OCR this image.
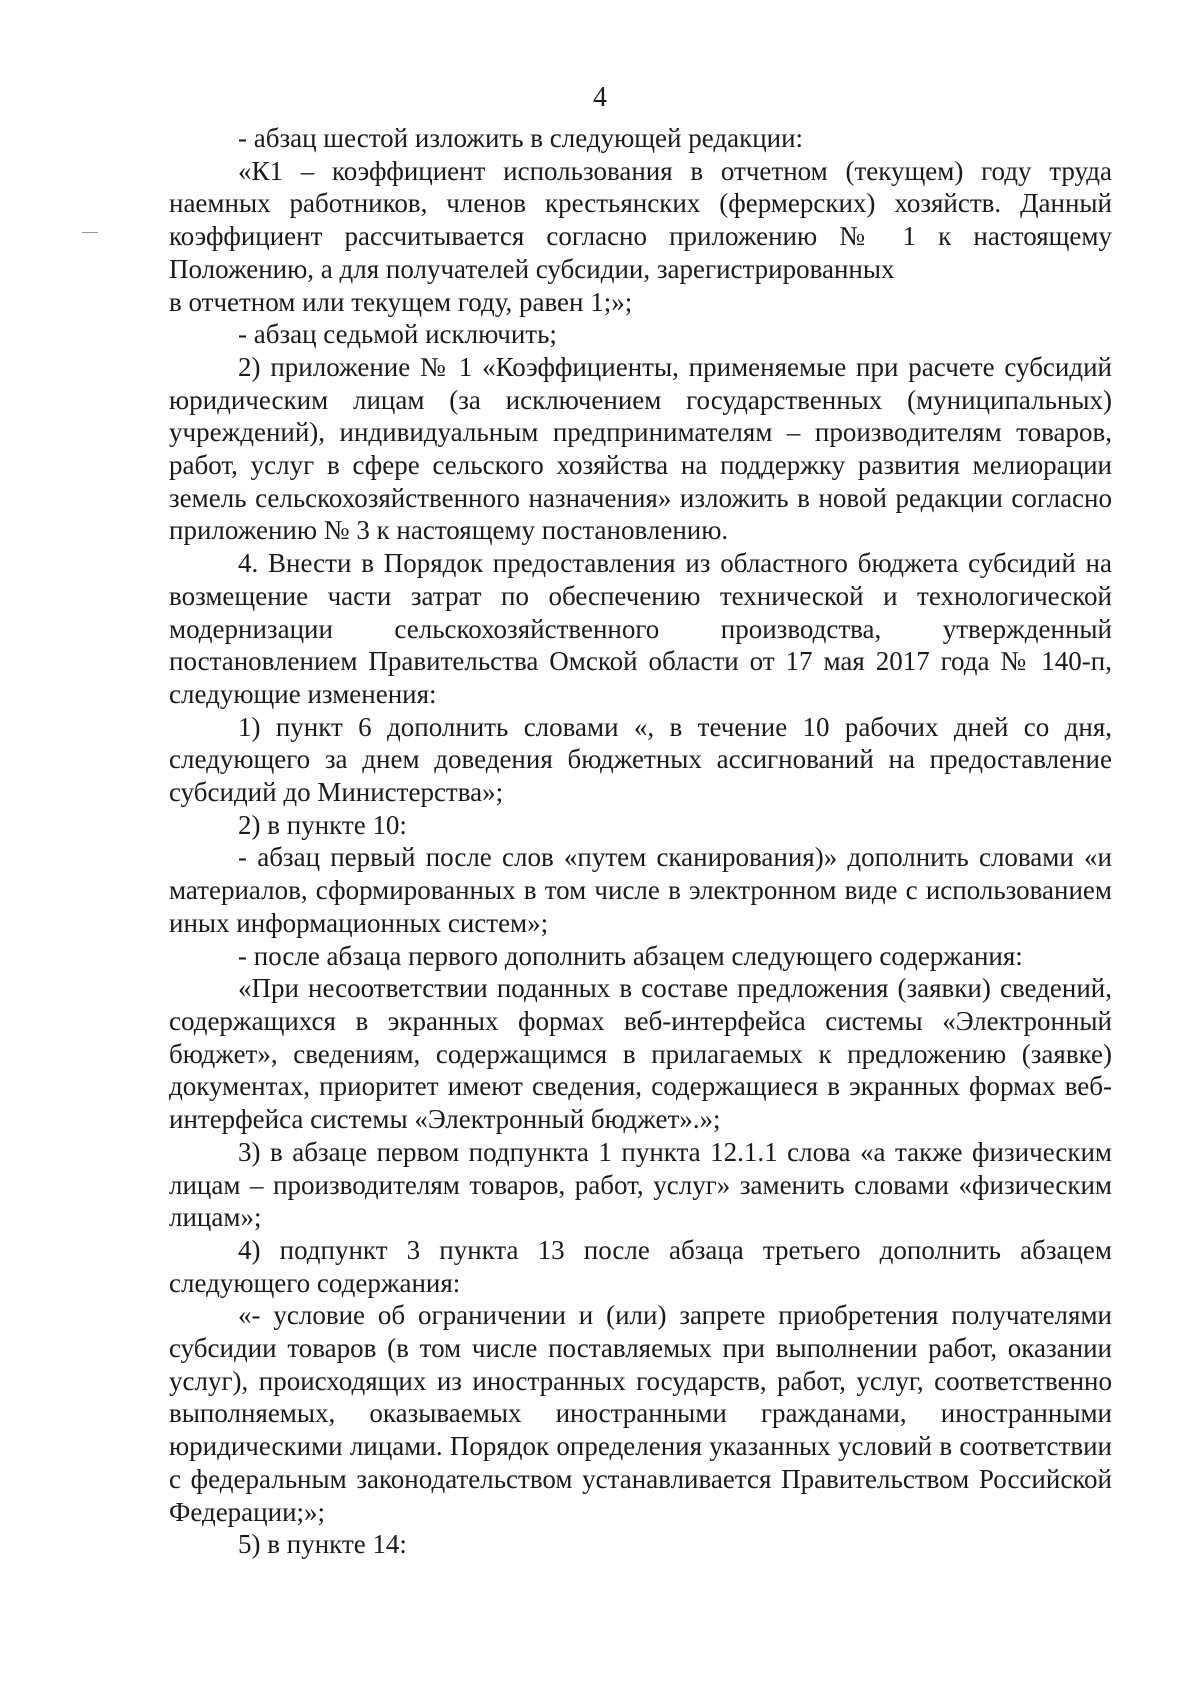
4

- абзац шестой изложить в следующей редакции:

«К1 – коэффициент использования в отчетном (текущем) году труда наемных работников, членов крестьянских (фермерских) хозяйств. Данный коэффициент рассчитывается согласно приложению № 1 к настоящему Положению, а для получателей субсидии, зарегистрированных

в отчетном или текущем году, равен 1;»;

- абзац седьмой исключить;

2) приложение № 1 «Коэффициенты, применяемые при расчете субсидий юридическим лицам (за исключением государственных (муниципальных) учреждений), индивидуальным предпринимателям – производителям товаров, работ, услуг в сфере сельского хозяйства на поддержку развития мелиорации земель сельскохозяйственного назначения» изложить в новой редакции согласно приложению № 3 к настоящему постановлению.

4. Внести в Порядок предоставления из областного бюджета субсидий на возмещение части затрат по обеспечению технической и технологической модернизации сельскохозяйственного производства, утвержденный постановлением Правительства Омской области от 17 мая 2017 года № 140-п, следующие изменения:

1) пункт 6 дополнить словами «, в течение 10 рабочих дней со дня, следующего за днем доведения бюджетных ассигнований на предоставление субсидий до Министерства»;

2) в пункте 10:

- абзац первый после слов «путем сканирования)» дополнить словами «и материалов, сформированных в том числе в электронном виде с использованием иных информационных систем»;

- после абзаца первого дополнить абзацем следующего содержания:

«При несоответствии поданных в составе предложения (заявки) сведений, содержащихся в экранных формах веб-интерфейса системы «Электронный бюджет», сведениям, содержащимся в прилагаемых к предложению (заявке) документах, приоритет имеют сведения, содержащиеся в экранных формах веб-интерфейса системы «Электронный бюджет».»;

3) в абзаце первом подпункта 1 пункта 12.1.1 слова «а также физическим лицам – производителям товаров, работ, услуг» заменить словами «физическим лицам»;

4) подпункт 3 пункта 13 после абзаца третьего дополнить абзацем следующего содержания:

«- условие об ограничении и (или) запрете приобретения получателями субсидии товаров (в том числе поставляемых при выполнении работ, оказании услуг), происходящих из иностранных государств, работ, услуг, соответственно выполняемых, оказываемых иностранными гражданами, иностранными юридическими лицами. Порядок определения указанных условий в соответствии с федеральным законодательством устанавливается Правительством Российской Федерации;»;

5) в пункте 14:
